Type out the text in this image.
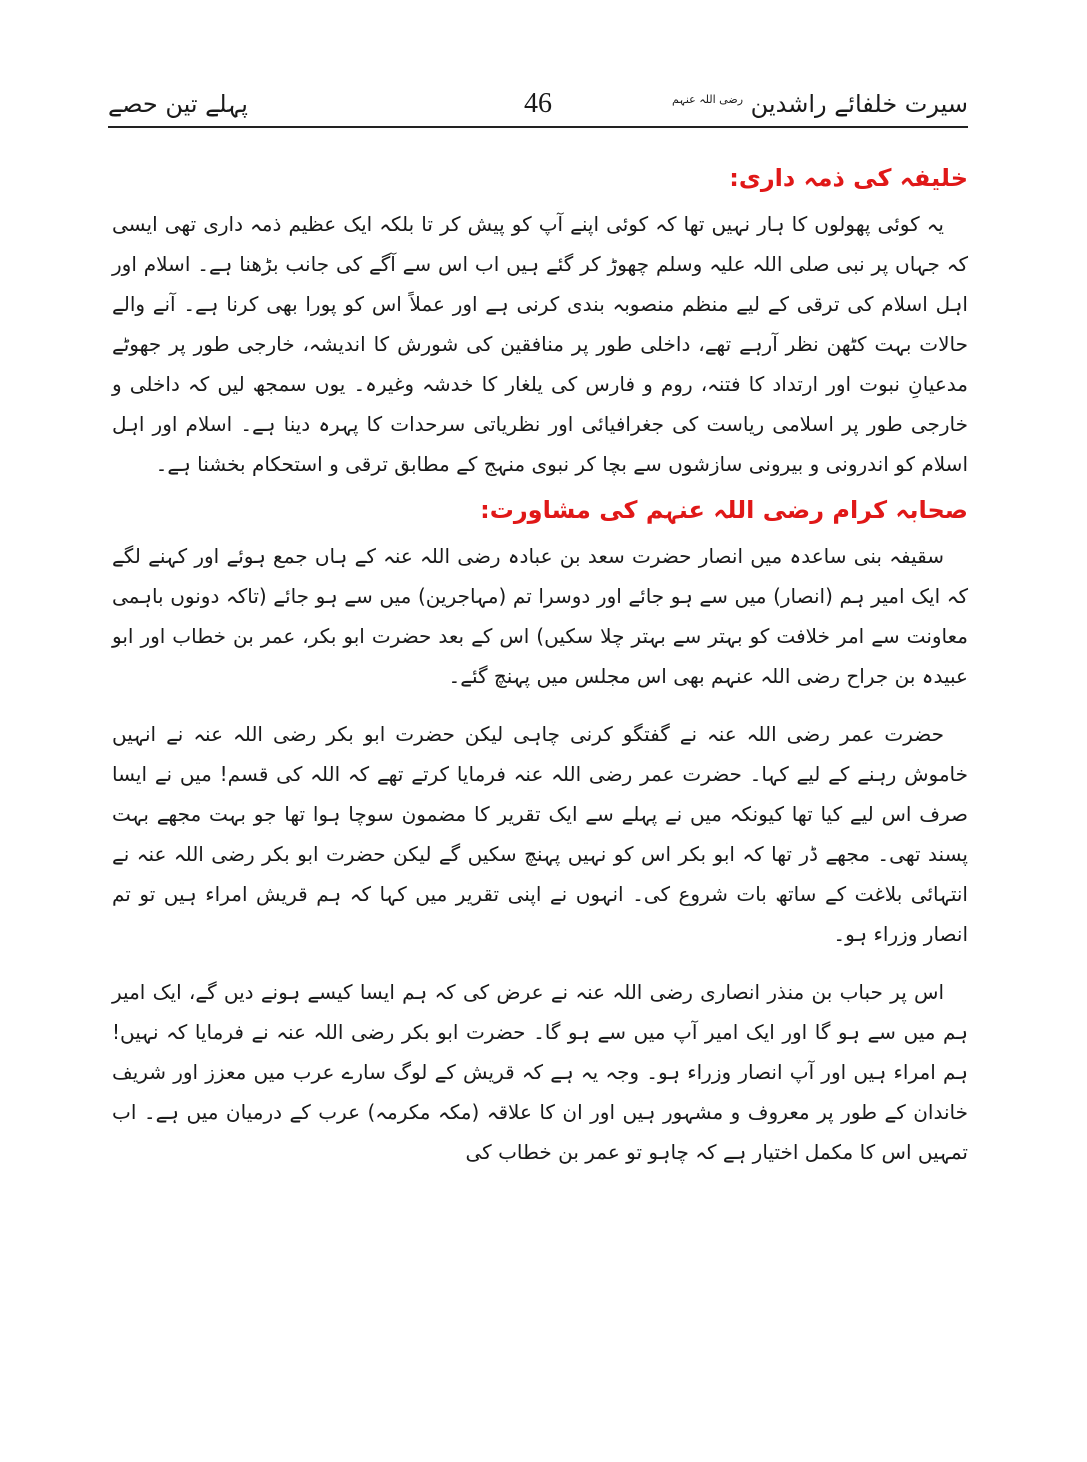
سیرت خلفائے راشدین $^{رضی اللہ عنہم}$
46
پہلے تین حصے
خلیفہ کی ذمہ داری:

یہ کوئی پھولوں کا ہار نہیں تھا کہ کوئی اپنے آپ کو پیش کر تا بلکہ ایک عظیم ذمہ داری تھی ایسی کہ جہاں پر نبی صلی اللہ علیہ وسلم چھوڑ کر گئے ہیں اب اس سے آگے کی جانب بڑھنا ہے۔ اسلام اور اہل اسلام کی ترقی کے لیے منظم منصوبہ بندی کرنی ہے اور عملاً اس کو پورا بھی کرنا ہے۔ آنے والے حالات بہت کٹھن نظر آرہے تھے، داخلی طور پر منافقین کی شورش کا اندیشہ، خارجی طور پر جھوٹے مدعیانِ نبوت اور ارتداد کا فتنہ، روم و فارس کی یلغار کا خدشہ وغیرہ۔ یوں سمجھ لیں کہ داخلی و خارجی طور پر اسلامی ریاست کی جغرافیائی اور نظریاتی سرحدات کا پہرہ دینا ہے۔ اسلام اور اہل اسلام کو اندرونی و بیرونی سازشوں سے بچا کر نبوی منہج کے مطابق ترقی و استحکام بخشنا ہے۔

صحابہ کرام رضی اللہ عنہم کی مشاورت:

سقیفہ بنی ساعدہ میں انصار حضرت سعد بن عبادہ رضی اللہ عنہ کے ہاں جمع ہوئے اور کہنے لگے کہ ایک امیر ہم (انصار) میں سے ہو جائے اور دوسرا تم (مہاجرین) میں سے ہو جائے (تاکہ دونوں باہمی معاونت سے امر خلافت کو بہتر سے بہتر چلا سکیں) اس کے بعد حضرت ابو بکر، عمر بن خطاب اور ابو عبیدہ بن جراح رضی اللہ عنہم بھی اس مجلس میں پہنچ گئے۔

حضرت عمر رضی اللہ عنہ نے گفتگو کرنی چاہی لیکن حضرت ابو بکر رضی اللہ عنہ نے انہیں خاموش رہنے کے لیے کہا۔ حضرت عمر رضی اللہ عنہ فرمایا کرتے تھے کہ اللہ کی قسم! میں نے ایسا صرف اس لیے کیا تھا کیونکہ میں نے پہلے سے ایک تقریر کا مضمون سوچا ہوا تھا جو بہت مجھے بہت پسند تھی۔ مجھے ڈر تھا کہ ابو بکر اس کو نہیں پہنچ سکیں گے لیکن حضرت ابو بکر رضی اللہ عنہ نے انتہائی بلاغت کے ساتھ بات شروع کی۔ انہوں نے اپنی تقریر میں کہا کہ ہم قریش امراء ہیں تو تم انصار وزراء ہو۔

اس پر حباب بن منذر انصاری رضی اللہ عنہ نے عرض کی کہ ہم ایسا کیسے ہونے دیں گے، ایک امیر ہم میں سے ہو گا اور ایک امیر آپ میں سے ہو گا۔ حضرت ابو بکر رضی اللہ عنہ نے فرمایا کہ نہیں! ہم امراء ہیں اور آپ انصار وزراء ہو۔ وجہ یہ ہے کہ قریش کے لوگ سارے عرب میں معزز اور شریف خاندان کے طور پر معروف و مشہور ہیں اور ان کا علاقہ (مکہ مکرمہ) عرب کے درمیان میں ہے۔ اب تمہیں اس کا مکمل اختیار ہے کہ چاہو تو عمر بن خطاب کی
